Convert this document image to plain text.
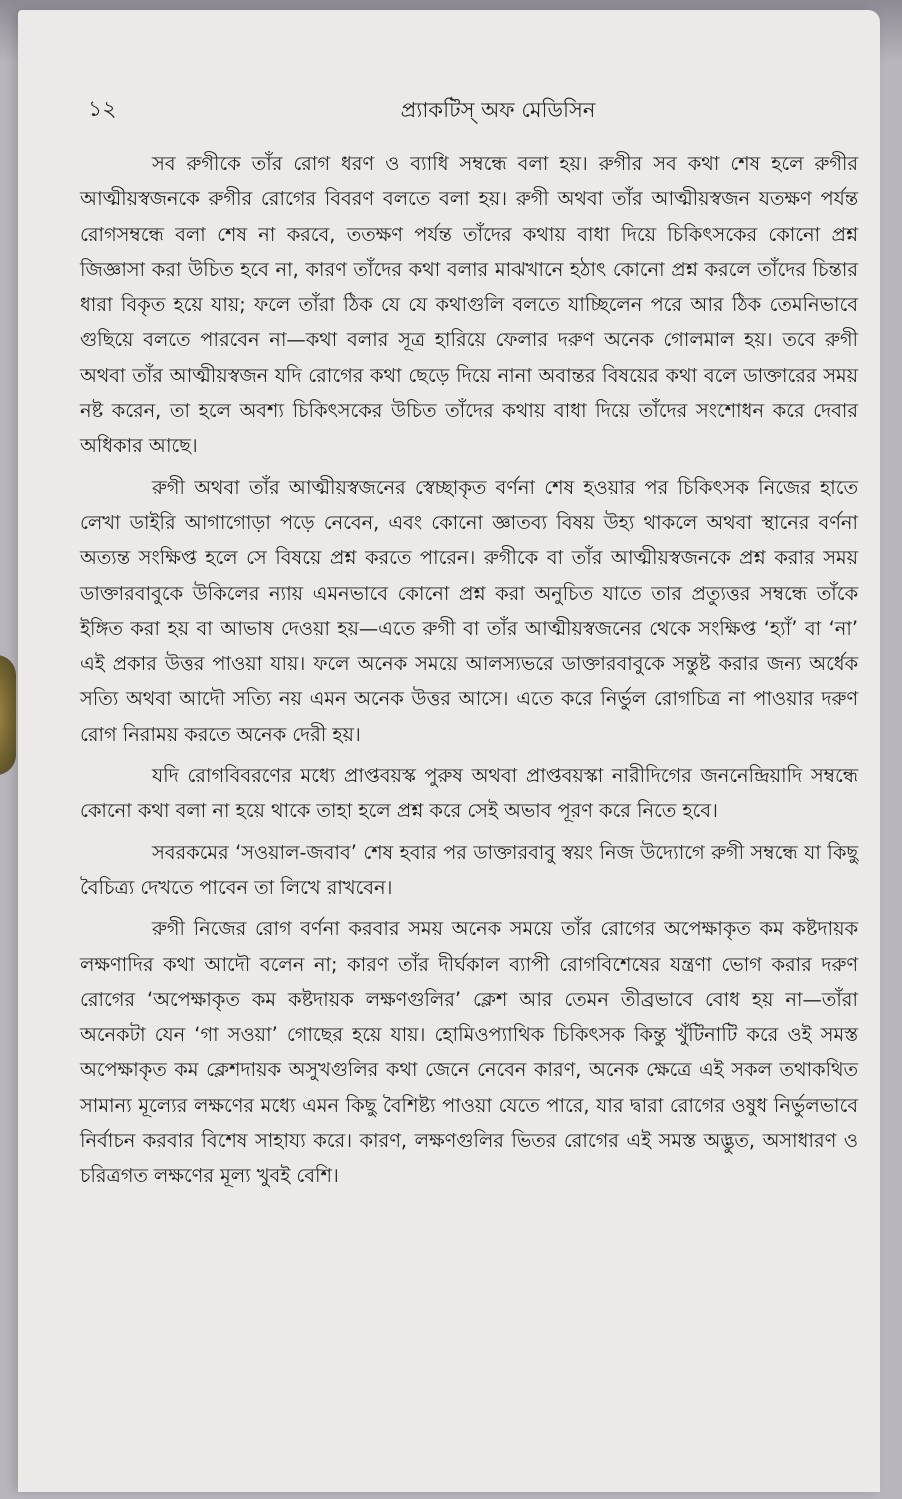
১২	প্র্যাকটিস্ অফ মেডিসিন

সব রুগীকে তাঁর রোগ ধরণ ও ব্যাধি সম্বন্ধে বলা হয়। রুগীর সব কথা শেষ হলে রুগীর আত্মীয়স্বজনকে রুগীর রোগের বিবরণ বলতে বলা হয়। রুগী অথবা তাঁর আত্মীয়স্বজন যতক্ষণ পর্যন্ত রোগসম্বন্ধে বলা শেষ না করবে, ততক্ষণ পর্যন্ত তাঁদের কথায় বাধা দিয়ে চিকিৎসকের কোনো প্রশ্ন জিজ্ঞাসা করা উচিত হবে না, কারণ তাঁদের কথা বলার মাঝখানে হঠাৎ কোনো প্রশ্ন করলে তাঁদের চিন্তার ধারা বিকৃত হয়ে যায়; ফলে তাঁরা ঠিক যে যে কথাগুলি বলতে যাচ্ছিলেন পরে আর ঠিক তেমনিভাবে গুছিয়ে বলতে পারবেন না—কথা বলার সূত্র হারিয়ে ফেলার দরুণ অনেক গোলমাল হয়। তবে রুগী অথবা তাঁর আত্মীয়স্বজন যদি রোগের কথা ছেড়ে দিয়ে নানা অবান্তর বিষয়ের কথা বলে ডাক্তারের সময় নষ্ট করেন, তা হলে অবশ্য চিকিৎসকের উচিত তাঁদের কথায় বাধা দিয়ে তাঁদের সংশোধন করে দেবার অধিকার আছে।

রুগী অথবা তাঁর আত্মীয়স্বজনের স্বেচ্ছাকৃত বর্ণনা শেষ হওয়ার পর চিকিৎসক নিজের হাতে লেখা ডাইরি আগাগোড়া পড়ে নেবেন, এবং কোনো জ্ঞাতব্য বিষয় উহ্য থাকলে অথবা স্থানের বর্ণনা অত্যন্ত সংক্ষিপ্ত হলে সে বিষয়ে প্রশ্ন করতে পারেন। রুগীকে বা তাঁর আত্মীয়স্বজনকে প্রশ্ন করার সময় ডাক্তারবাবুকে উকিলের ন্যায় এমনভাবে কোনো প্রশ্ন করা অনুচিত যাতে তার প্রত্যুত্তর সম্বন্ধে তাঁকে ইঙ্গিত করা হয় বা আভাষ দেওয়া হয়—এতে রুগী বা তাঁর আত্মীয়স্বজনের থেকে সংক্ষিপ্ত ‘হ্যাঁ’ বা ‘না’ এই প্রকার উত্তর পাওয়া যায়। ফলে অনেক সময়ে আলস্যভরে ডাক্তারবাবুকে সন্তুষ্ট করার জন্য অর্ধেক সত্যি অথবা আদৌ সত্যি নয় এমন অনেক উত্তর আসে। এতে করে নির্ভুল রোগচিত্র না পাওয়ার দরুণ রোগ নিরাময় করতে অনেক দেরী হয়।

যদি রোগবিবরণের মধ্যে প্রাপ্তবয়স্ক পুরুষ অথবা প্রাপ্তবয়স্কা নারীদিগের জননেন্দ্রিয়াদি সম্বন্ধে কোনো কথা বলা না হয়ে থাকে তাহা হলে প্রশ্ন করে সেই অভাব পূরণ করে নিতে হবে।

সবরকমের ‘সওয়াল-জবাব’ শেষ হবার পর ডাক্তারবাবু স্বয়ং নিজ উদ্যোগে রুগী সম্বন্ধে যা কিছু বৈচিত্র্য দেখতে পাবেন তা লিখে রাখবেন।

রুগী নিজের রোগ বর্ণনা করবার সময় অনেক সময়ে তাঁর রোগের অপেক্ষাকৃত কম কষ্টদায়ক লক্ষণাদির কথা আদৌ বলেন না; কারণ তাঁর দীর্ঘকাল ব্যাপী রোগবিশেষের যন্ত্রণা ভোগ করার দরুণ রোগের ‘অপেক্ষাকৃত কম কষ্টদায়ক লক্ষণগুলির’ ক্লেশ আর তেমন তীব্রভাবে বোধ হয় না—তাঁরা অনেকটা যেন ‘গা সওয়া’ গোছের হয়ে যায়। হোমিওপ্যাথিক চিকিৎসক কিন্তু খুঁটিনাটি করে ওই সমস্ত অপেক্ষাকৃত কম ক্লেশদায়ক অসুখগুলির কথা জেনে নেবেন কারণ, অনেক ক্ষেত্রে এই সকল তথাকথিত সামান্য মূল্যের লক্ষণের মধ্যে এমন কিছু বৈশিষ্ট্য পাওয়া যেতে পারে, যার দ্বারা রোগের ওষুধ নির্ভুলভাবে নির্বাচন করবার বিশেষ সাহায্য করে। কারণ, লক্ষণগুলির ভিতর রোগের এই সমস্ত অদ্ভুত, অসাধারণ ও চরিত্রগত লক্ষণের মূল্য খুবই বেশি।
